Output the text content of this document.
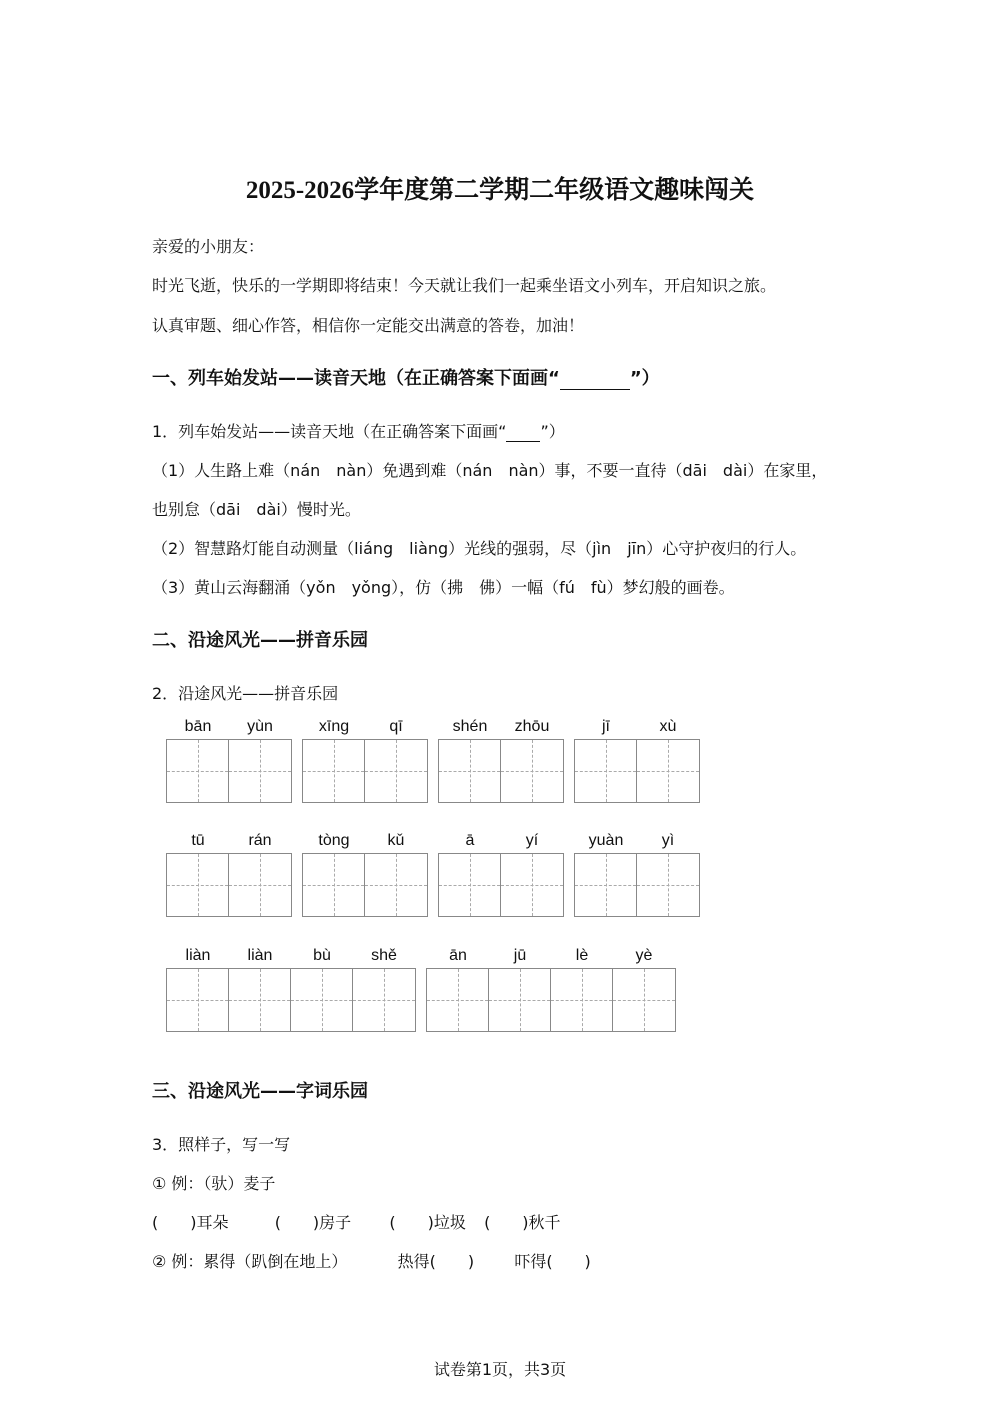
2025-2026学年度第二学期二年级语文趣味闯关
亲爱的小朋友：
时光飞逝，快乐的一学期即将结束！今天就让我们一起乘坐语文小列车，开启知识之旅。
认真审题、细心作答，相信你一定能交出满意的答卷，加油！
一、列车始发站——读音天地（在正确答案下面画“	”）
1．列车始发站——读音天地（在正确答案下面画“ ”）
（1）人生路上难（nán　nàn）免遇到难（nán　nàn）事，不要一直待（dāi　dài）在家里，
也别怠（dāi　dài）慢时光。
（2）智慧路灯能自动测量（liáng　liàng）光线的强弱，尽（jìn　jīn）心守护夜归的行人。
（3）黄山云海翻涌（yǒn　yǒng），仿（拂　佛）一幅（fú　fù）梦幻般的画卷。
二、沿途风光——拼音乐园
2．沿途风光——拼音乐园
bān	yùn	xīng	qī	shén	zhōu	jī	xù
tū	rán	tòng	kǔ	ā	yí	yuàn	yì
liàn	liàn	bù	shě	ān	jū	lè	yè
三、沿途风光——字词乐园
3．照样子，写一写
① 例：（驮）麦子
(　　)耳朵	(　　)房子 (　　)垃圾 (　　)秋千
② 例：累得（趴倒在地上）	热得(　　)	吓得(　　)
试卷第1页，共3页
